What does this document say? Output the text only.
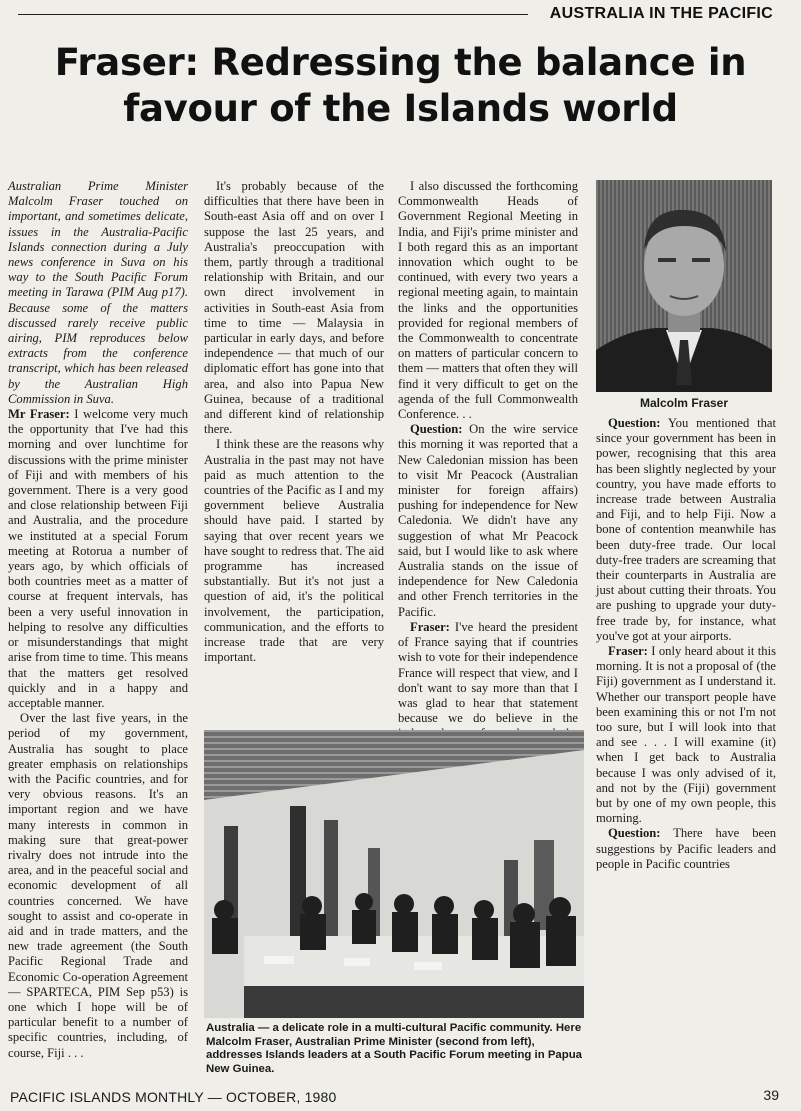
AUSTRALIA IN THE PACIFIC
Fraser: Redressing the balance in favour of the Islands world

Australian Prime Minister Malcolm Fraser touched on important, and sometimes delicate, issues in the Australia-Pacific Islands connection during a July news conference in Suva on his way to the South Pacific Forum meeting in Tarawa (PIM Aug p17). Because some of the matters discussed rarely receive public airing, PIM reproduces below extracts from the conference transcript, which has been released by the Australian High Commission in Suva.

Mr Fraser: I welcome very much the opportunity that I've had this morning and over lunchtime for discussions with the prime minister of Fiji and with members of his government. There is a very good and close relationship between Fiji and Australia, and the procedure we instituted at a special Forum meeting at Rotorua a number of years ago, by which officials of both countries meet as a matter of course at frequent intervals, has been a very useful innovation in helping to resolve any difficulties or misunderstandings that might arise from time to time. This means that the matters get resolved quickly and in a happy and acceptable manner.

Over the last five years, in the period of my government, Australia has sought to place greater emphasis on relationships with the Pacific countries, and for very obvious reasons. It's an important region and we have many interests in common in making sure that great-power rivalry does not intrude into the area, and in the peaceful social and economic development of all countries concerned. We have sought to assist and co-operate in aid and in trade matters, and the new trade agreement (the South Pacific Regional Trade and Economic Co-operation Agreement — SPARTECA, PIM Sep p53) is one which I hope will be of particular benefit to a number of specific countries, including, of course, Fiji . . .

It's probably because of the difficulties that there have been in South-east Asia off and on over I suppose the last 25 years, and Australia's preoccupation with them, partly through a traditional relationship with Britain, and our own direct involvement in activities in South-east Asia from time to time — Malaysia in particular in early days, and before independence — that much of our diplomatic effort has gone into that area, and also into Papua New Guinea, because of a traditional and different kind of relationship there.

I think these are the reasons why Australia in the past may not have paid as much attention to the countries of the Pacific as I and my government believe Australia should have paid. I started by saying that over recent years we have sought to redress that. The aid programme has increased substantially. But it's not just a question of aid, it's the political involvement, the participation, communication, and the efforts to increase trade that are very important.

I also discussed the forthcoming Commonwealth Heads of Government Regional Meeting in India, and Fiji's prime minister and I both regard this as an important innovation which ought to be continued, with every two years a regional meeting again, to maintain the links and the opportunities provided for regional members of the Commonwealth to concentrate on matters of particular concern to them — matters that often they will find it very difficult to get on the agenda of the full Commonwealth Conference. . .

Question: On the wire service this morning it was reported that a New Caledonian mission has been to visit Mr Peacock (Australian minister for foreign affairs) pushing for independence for New Caledonia. We didn't have any suggestion of what Mr Peacock said, but I would like to ask where Australia stands on the issue of independence for New Caledonia and other French territories in the Pacific.

Fraser: I've heard the president of France saying that if countries wish to vote for their independence France will respect that view, and I don't want to say more than that I was glad to hear that statement because we do believe in the

Malcolm Fraser

Question: You mentioned that since your government has been in power, recognising that this area has been slightly neglected by your country, you have made efforts to increase trade between Australia and Fiji, and to help Fiji. Now a bone of contention meanwhile has been duty-free trade. Our local duty-free traders are screaming that their counterparts in Australia are just about cutting their throats. You are pushing to upgrade your duty-free trade by, for instance, what you've got at your airports.

Fraser: I only heard about it this morning. It is not a proposal of (the Fiji) government as I understand it. Whether our transport people have been examining this or not I'm not too sure, but I will look into that and see . . . I will examine (it) when I get back to Australia because I was only advised of it, and not by the (Fiji) government but by one of my own people, this morning.

Question: There have been suggestions by Pacific leaders and people in Pacific countries

Australia — a delicate role in a multi-cultural Pacific community. Here Malcolm Fraser, Australian Prime Minister (second from left), addresses Islands leaders at a South Pacific Forum meeting in Papua New Guinea.
PACIFIC ISLANDS MONTHLY — OCTOBER, 1980	39
